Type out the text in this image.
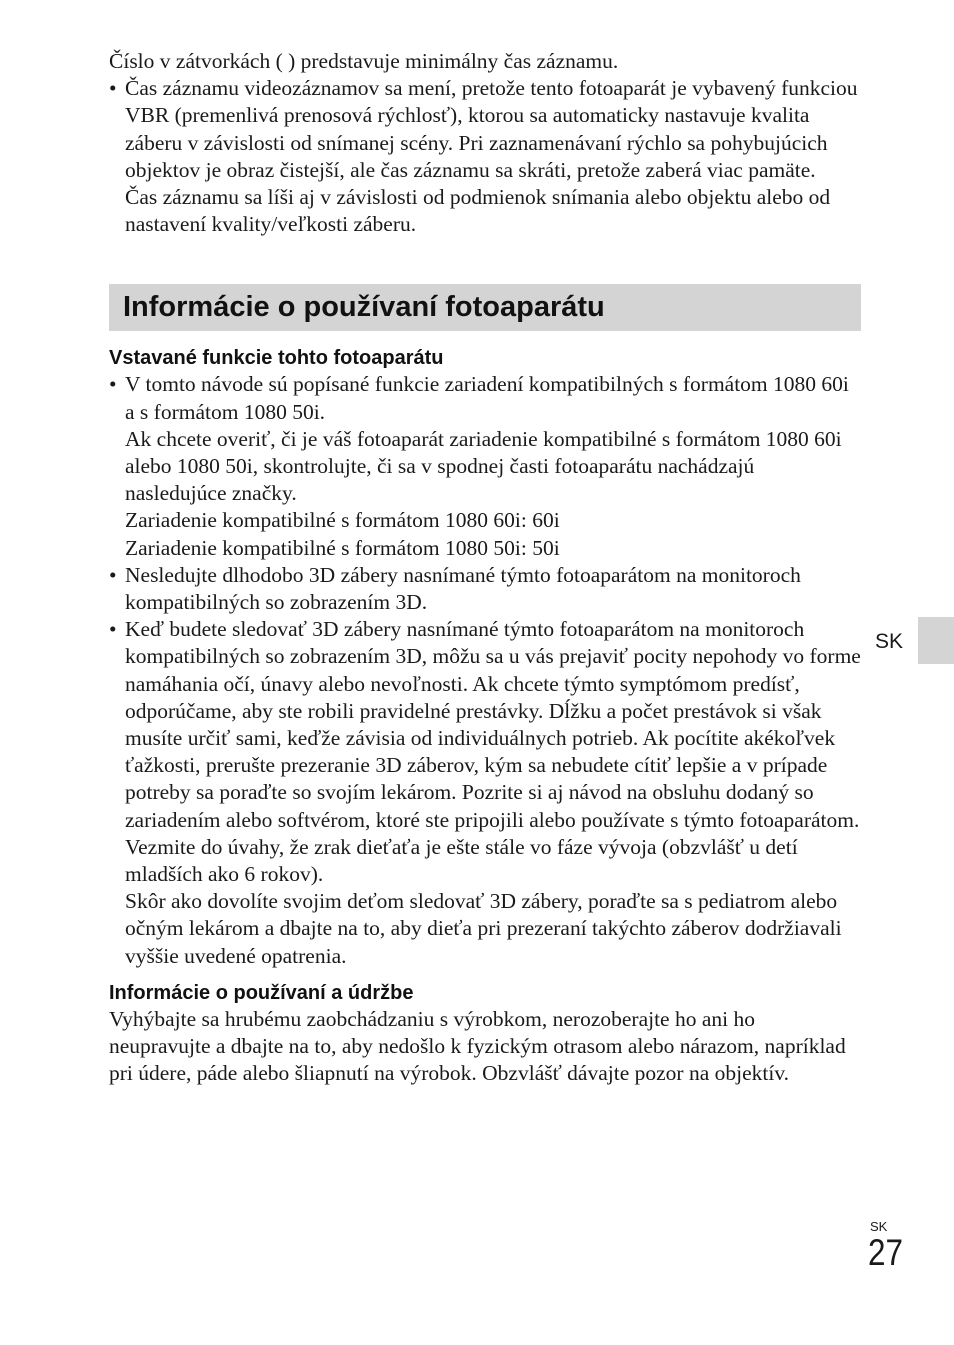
Číslo v zátvorkách ( ) predstavuje minimálny čas záznamu.

• Čas záznamu videozáznamov sa mení, pretože tento fotoaparát je vybavený funkciou VBR (premenlivá prenosová rýchlosť), ktorou sa automaticky nastavuje kvalita záberu v závislosti od snímanej scény. Pri zaznamenávaní rýchlo sa pohybujúcich objektov je obraz čistejší, ale čas záznamu sa skráti, pretože zaberá viac pamäte.

Čas záznamu sa líši aj v závislosti od podmienok snímania alebo objektu alebo od nastavení kvality/veľkosti záberu.

Informácie o používaní fotoaparátu
Vstavané funkcie tohto fotoaparátu

• V tomto návode sú popísané funkcie zariadení kompatibilných s formátom 1080 60i a s formátom 1080 50i.

Ak chcete overiť, či je váš fotoaparát zariadenie kompatibilné s formátom 1080 60i alebo 1080 50i, skontrolujte, či sa v spodnej časti fotoaparátu nachádzajú nasledujúce značky.

Zariadenie kompatibilné s formátom 1080 60i: 60i

Zariadenie kompatibilné s formátom 1080 50i: 50i

• Nesledujte dlhodobo 3D zábery nasnímané týmto fotoaparátom na monitoroch kompatibilných so zobrazením 3D.

• Keď budete sledovať 3D zábery nasnímané týmto fotoaparátom na monitoroch kompatibilných so zobrazením 3D, môžu sa u vás prejaviť pocity nepohody vo forme namáhania očí, únavy alebo nevoľnosti. Ak chcete týmto symptómom predísť, odporúčame, aby ste robili pravidelné prestávky. Dĺžku a počet prestávok si však musíte určiť sami, keďže závisia od individuálnych potrieb. Ak pocítite akékoľvek ťažkosti, prerušte prezeranie 3D záberov, kým sa nebudete cítiť lepšie a v prípade potreby sa poraďte so svojím lekárom. Pozrite si aj návod na obsluhu dodaný so zariadením alebo softvérom, ktoré ste pripojili alebo používate s týmto fotoaparátom.

Vezmite do úvahy, že zrak dieťaťa je ešte stále vo fáze vývoja (obzvlášť u detí mladších ako 6 rokov).

Skôr ako dovolíte svojim deťom sledovať 3D zábery, poraďte sa s pediatrom alebo očným lekárom a dbajte na to, aby dieťa pri prezeraní takýchto záberov dodržiavali vyššie uvedené opatrenia.

Informácie o používaní a údržbe

Vyhýbajte sa hrubému zaobchádzaniu s výrobkom, nerozoberajte ho ani ho neupravujte a dbajte na to, aby nedošlo k fyzickým otrasom alebo nárazom, napríklad pri údere, páde alebo šliapnutí na výrobok. Obzvlášť dávajte pozor na objektív.

SK
SK
27
